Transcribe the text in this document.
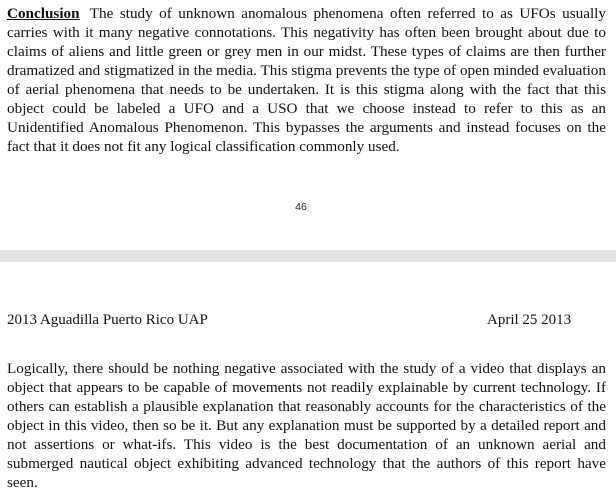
Conclusion The study of unknown anomalous phenomena often referred to as UFOs usually carries with it many negative connotations. This negativity has often been brought about due to claims of aliens and little green or grey men in our midst. These types of claims are then further dramatized and stigmatized in the media. This stigma prevents the type of open minded evaluation of aerial phenomena that needs to be undertaken. It is this stigma along with the fact that this object could be labeled a UFO and a USO that we choose instead to refer to this as an Unidentified Anomalous Phenomenon. This bypasses the arguments and instead focuses on the fact that it does not fit any logical classification commonly used.

46
2013 Aguadilla Puerto Rico UAP	April 25 2013

Logically, there should be nothing negative associated with the study of a video that displays an object that appears to be capable of movements not readily explainable by current technology. If others can establish a plausible explanation that reasonably accounts for the characteristics of the object in this video, then so be it. But any explanation must be supported by a detailed report and not assertions or what-ifs. This video is the best documentation of an unknown aerial and submerged nautical object exhibiting advanced technology that the authors of this report have seen.
